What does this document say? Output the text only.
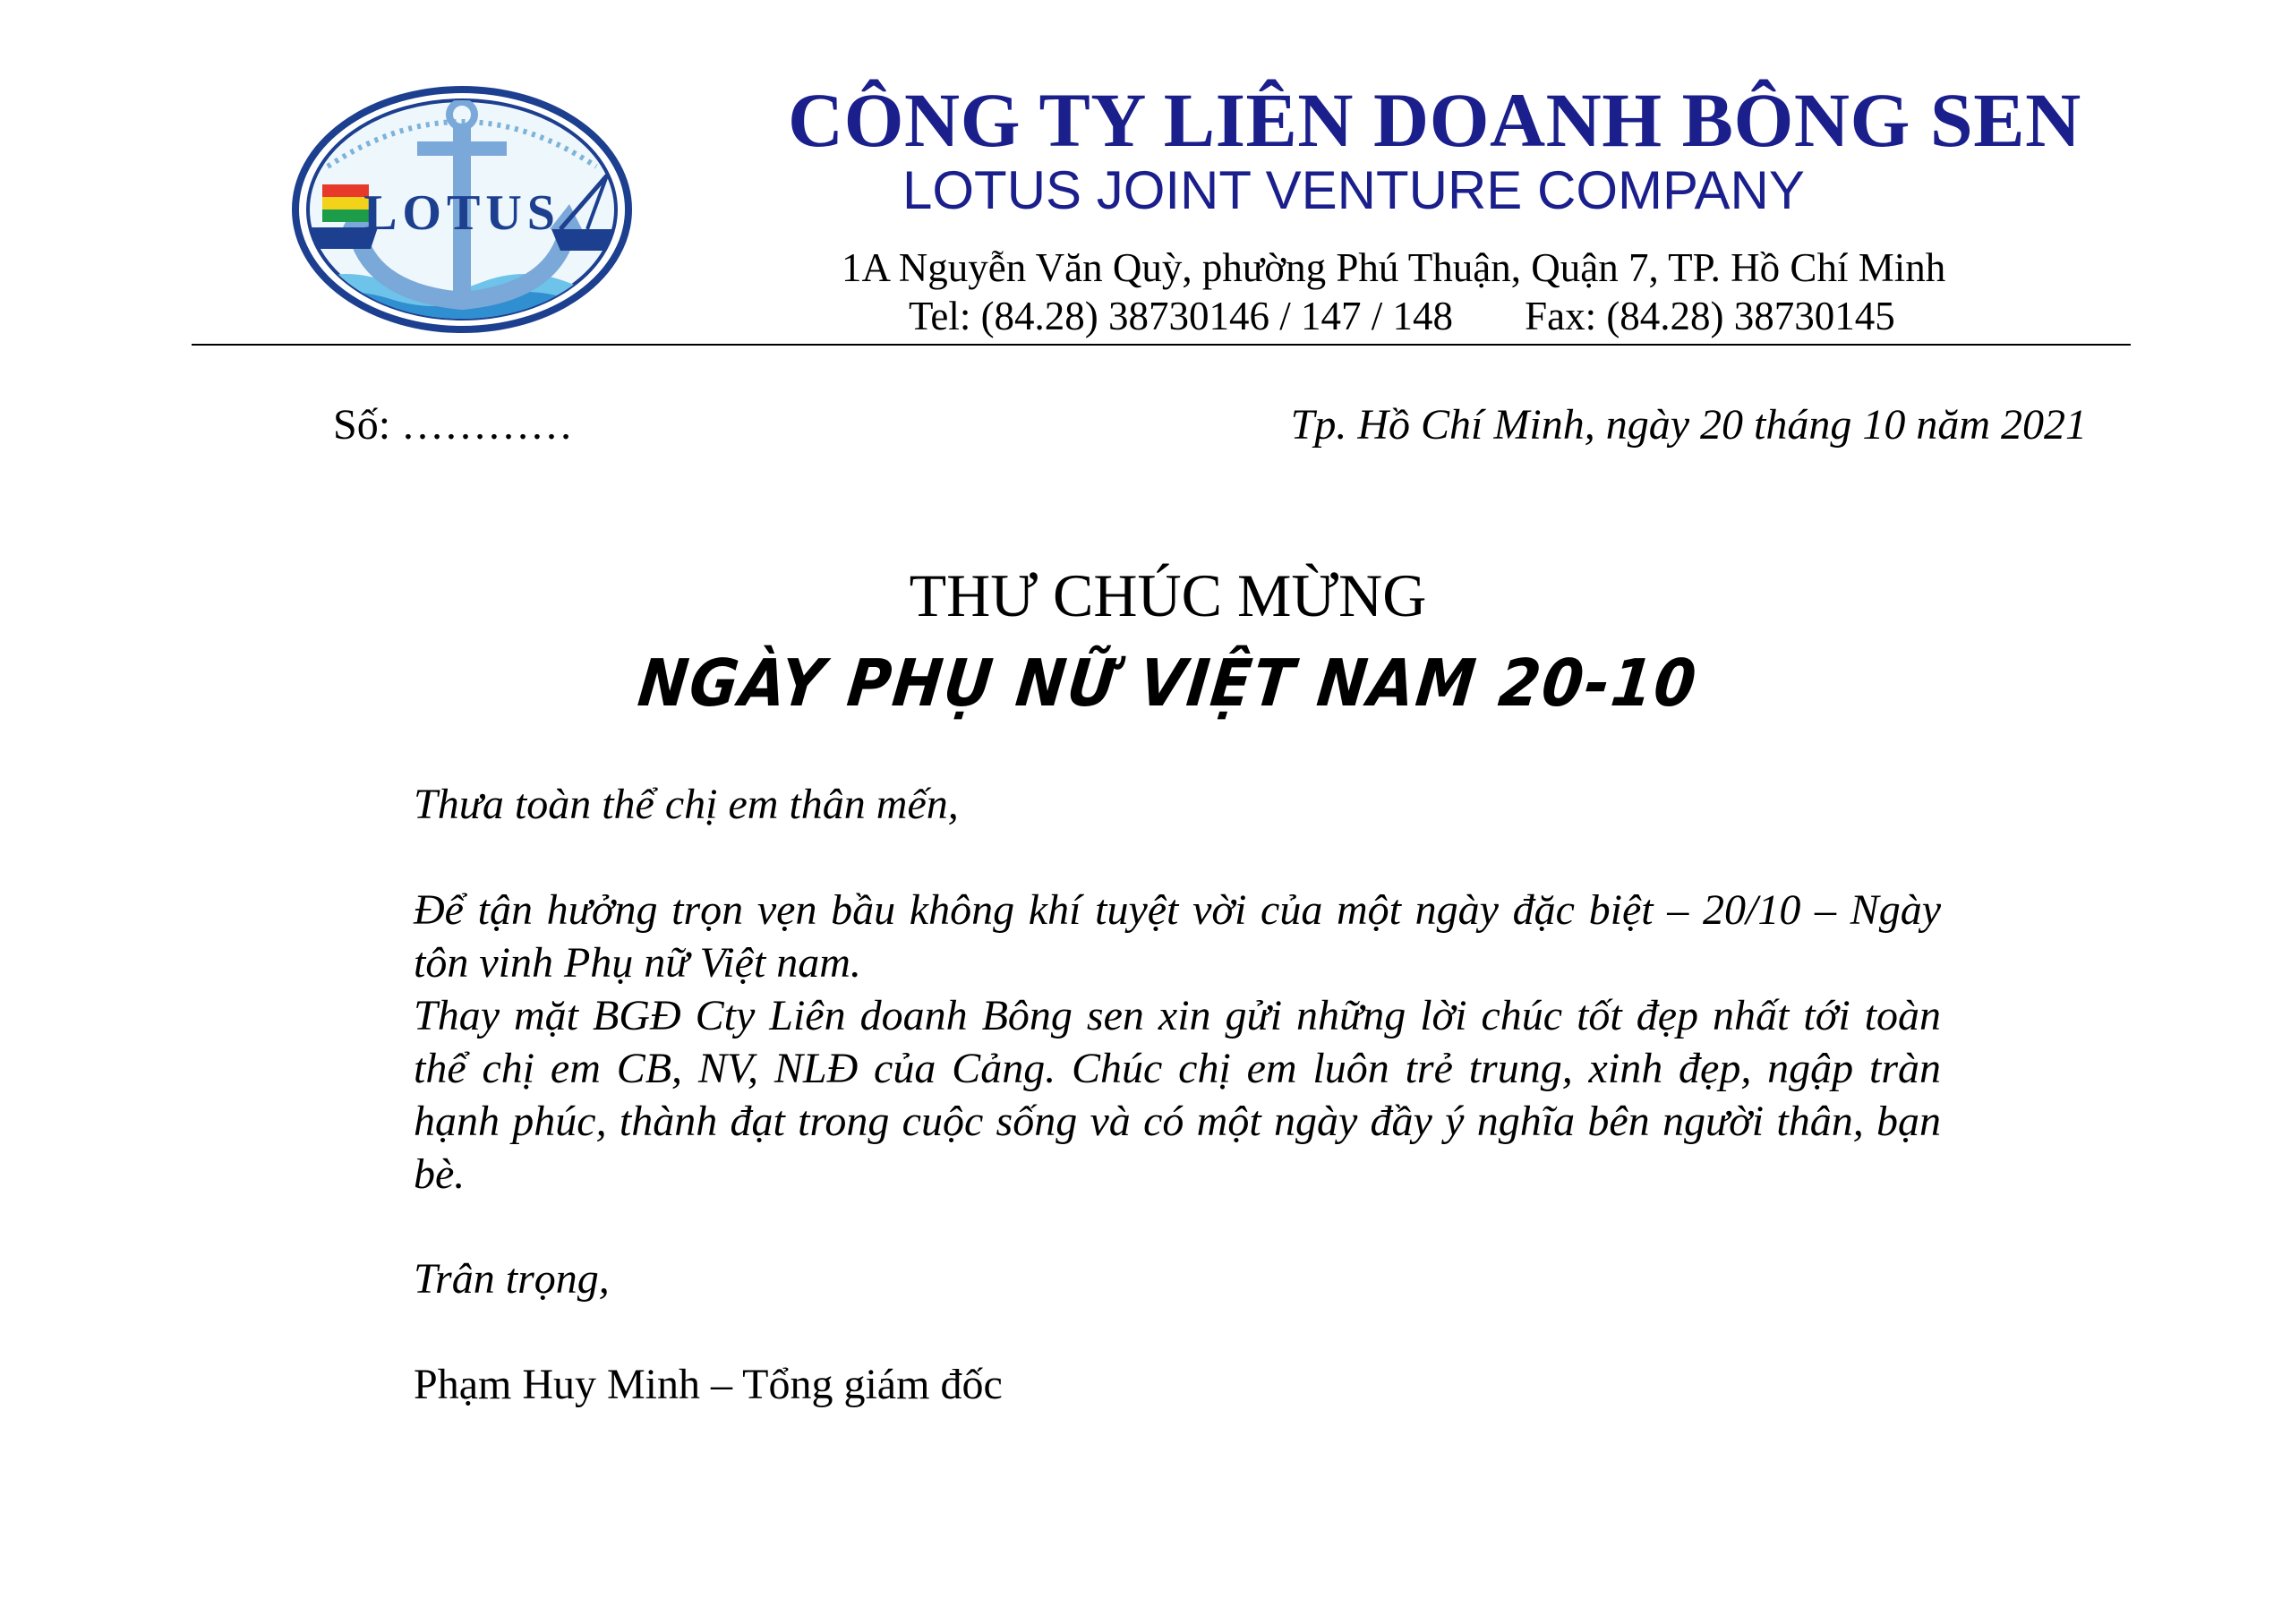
LOTUS
CÔNG TY LIÊN DOANH BÔNG SEN
LOTUS JOINT VENTURE COMPANY
1A Nguyễn Văn Quỳ, phường Phú Thuận, Quận 7, TP. Hồ Chí Minh
Tel: (84.28) 38730146 / 147 / 148 Fax: (84.28) 38730145
Số: …………	Tp. Hồ Chí Minh, ngày 20 tháng 10 năm 2021
THƯ CHÚC MỪNG
NGÀY PHỤ NỮ VIỆT NAM 20-10
Thưa toàn thể chị em thân mến,
Để tận hưởng trọn vẹn bầu không khí tuyệt vời của một ngày đặc biệt – 20/10 – Ngày tôn vinh Phụ nữ Việt nam.
Thay mặt BGĐ Cty Liên doanh Bông sen xin gửi những lời chúc tốt đẹp nhất tới toàn thể chị em CB, NV, NLĐ của Cảng. Chúc chị em luôn trẻ trung, xinh đẹp, ngập tràn hạnh phúc, thành đạt trong cuộc sống và có một ngày đầy ý nghĩa bên người thân, bạn bè.
Trân trọng,
Phạm Huy Minh – Tổng giám đốc
